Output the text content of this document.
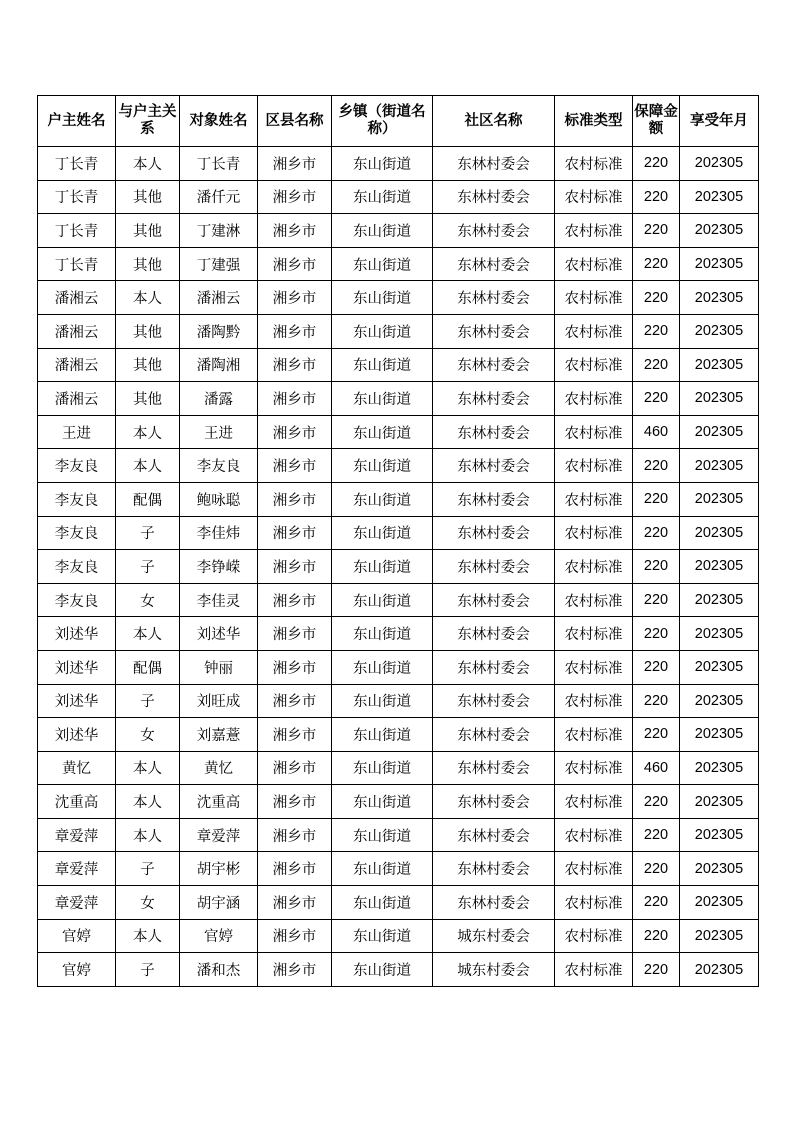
户主姓名	与户主关系	对象姓名	区县名称	乡镇（街道名称）	社区名称	标准类型	保障金额	享受年月
丁长青	本人	丁长青	湘乡市	东山街道	东林村委会	农村标准	220	202305
丁长青	其他	潘仟元	湘乡市	东山街道	东林村委会	农村标准	220	202305
丁长青	其他	丁建淋	湘乡市	东山街道	东林村委会	农村标准	220	202305
丁长青	其他	丁建强	湘乡市	东山街道	东林村委会	农村标准	220	202305
潘湘云	本人	潘湘云	湘乡市	东山街道	东林村委会	农村标准	220	202305
潘湘云	其他	潘陶黔	湘乡市	东山街道	东林村委会	农村标准	220	202305
潘湘云	其他	潘陶湘	湘乡市	东山街道	东林村委会	农村标准	220	202305
潘湘云	其他	潘露	湘乡市	东山街道	东林村委会	农村标准	220	202305
王进	本人	王进	湘乡市	东山街道	东林村委会	农村标准	460	202305
李友良	本人	李友良	湘乡市	东山街道	东林村委会	农村标准	220	202305
李友良	配偶	鲍咏聪	湘乡市	东山街道	东林村委会	农村标准	220	202305
李友良	子	李佳炜	湘乡市	东山街道	东林村委会	农村标准	220	202305
李友良	子	李铮嵘	湘乡市	东山街道	东林村委会	农村标准	220	202305
李友良	女	李佳灵	湘乡市	东山街道	东林村委会	农村标准	220	202305
刘述华	本人	刘述华	湘乡市	东山街道	东林村委会	农村标准	220	202305
刘述华	配偶	钟丽	湘乡市	东山街道	东林村委会	农村标准	220	202305
刘述华	子	刘旺成	湘乡市	东山街道	东林村委会	农村标准	220	202305
刘述华	女	刘嘉薏	湘乡市	东山街道	东林村委会	农村标准	220	202305
黄忆	本人	黄忆	湘乡市	东山街道	东林村委会	农村标准	460	202305
沈重高	本人	沈重高	湘乡市	东山街道	东林村委会	农村标准	220	202305
章爱萍	本人	章爱萍	湘乡市	东山街道	东林村委会	农村标准	220	202305
章爱萍	子	胡宇彬	湘乡市	东山街道	东林村委会	农村标准	220	202305
章爱萍	女	胡宇涵	湘乡市	东山街道	东林村委会	农村标准	220	202305
官婷	本人	官婷	湘乡市	东山街道	城东村委会	农村标准	220	202305
官婷	子	潘和杰	湘乡市	东山街道	城东村委会	农村标准	220	202305
